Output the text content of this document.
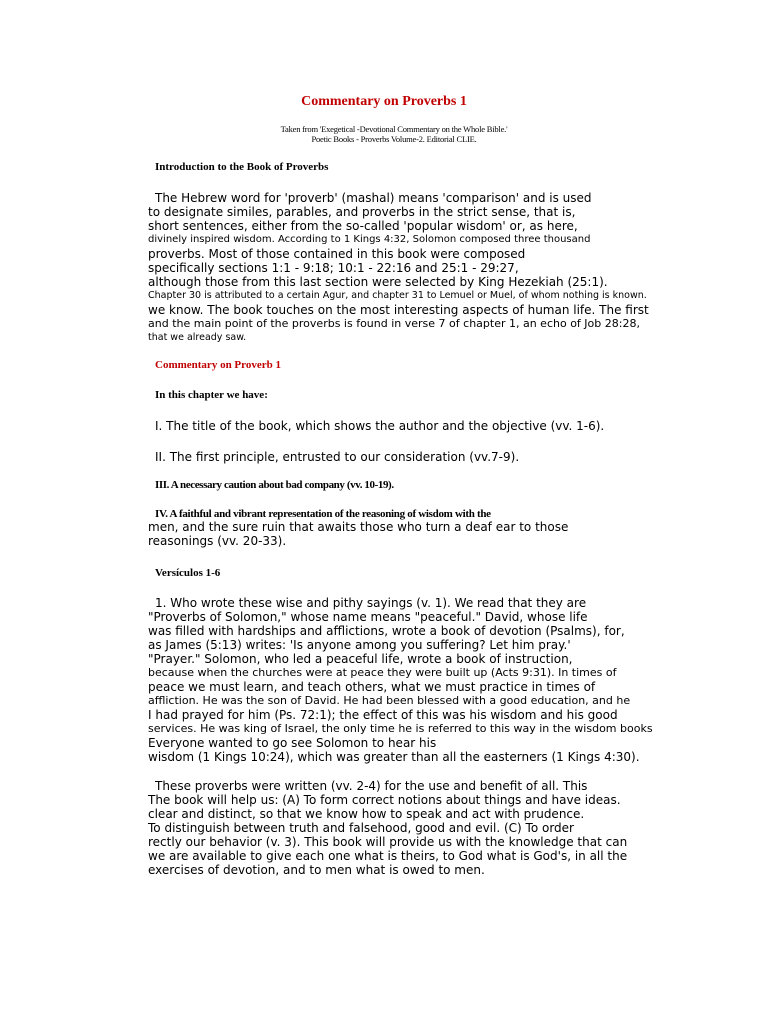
Commentary on Proverbs 1
Taken from 'Exegetical -Devotional Commentary on the Whole Bible.'
Poetic Books - Proverbs Volume-2. Editorial CLIE.
Introduction to the Book of Proverbs
The Hebrew word for 'proverb' (mashal) means 'comparison' and is used
to designate similes, parables, and proverbs in the strict sense, that is,
short sentences, either from the so-called 'popular wisdom' or, as here,
divinely inspired wisdom. According to 1 Kings 4:32, Solomon composed three thousand
proverbs. Most of those contained in this book were composed
specifically sections 1:1 - 9:18; 10:1 - 22:16 and 25:1 - 29:27,
although those from this last section were selected by King Hezekiah (25:1).
Chapter 30 is attributed to a certain Agur, and chapter 31 to Lemuel or Muel, of whom nothing is known.
we know. The book touches on the most interesting aspects of human life. The first
and the main point of the proverbs is found in verse 7 of chapter 1, an echo of Job 28:28,
that we already saw.
Commentary on Proverb 1
In this chapter we have:
I. The title of the book, which shows the author and the objective (vv. 1-6).
II. The first principle, entrusted to our consideration (vv.7-9).
III. A necessary caution about bad company (vv. 10-19).
IV. A faithful and vibrant representation of the reasoning of wisdom with the
men, and the sure ruin that awaits those who turn a deaf ear to those
reasonings (vv. 20-33).
Versículos 1-6
1. Who wrote these wise and pithy sayings (v. 1). We read that they are
"Proverbs of Solomon," whose name means "peaceful." David, whose life
was filled with hardships and afflictions, wrote a book of devotion (Psalms), for,
as James (5:13) writes: 'Is anyone among you suffering? Let him pray.'
"Prayer." Solomon, who led a peaceful life, wrote a book of instruction,
because when the churches were at peace they were built up (Acts 9:31). In times of
peace we must learn, and teach others, what we must practice in times of
affliction. He was the son of David. He had been blessed with a good education, and he
I had prayed for him (Ps. 72:1); the effect of this was his wisdom and his good
services. He was king of Israel, the only time he is referred to this way in the wisdom books
Everyone wanted to go see Solomon to hear his
wisdom (1 Kings 10:24), which was greater than all the easterners (1 Kings 4:30).
These proverbs were written (vv. 2-4) for the use and benefit of all. This
The book will help us: (A) To form correct notions about things and have ideas.
clear and distinct, so that we know how to speak and act with prudence.
To distinguish between truth and falsehood, good and evil. (C) To order
rectly our behavior (v. 3). This book will provide us with the knowledge that can
we are available to give each one what is theirs, to God what is God's, in all the
exercises of devotion, and to men what is owed to men.
